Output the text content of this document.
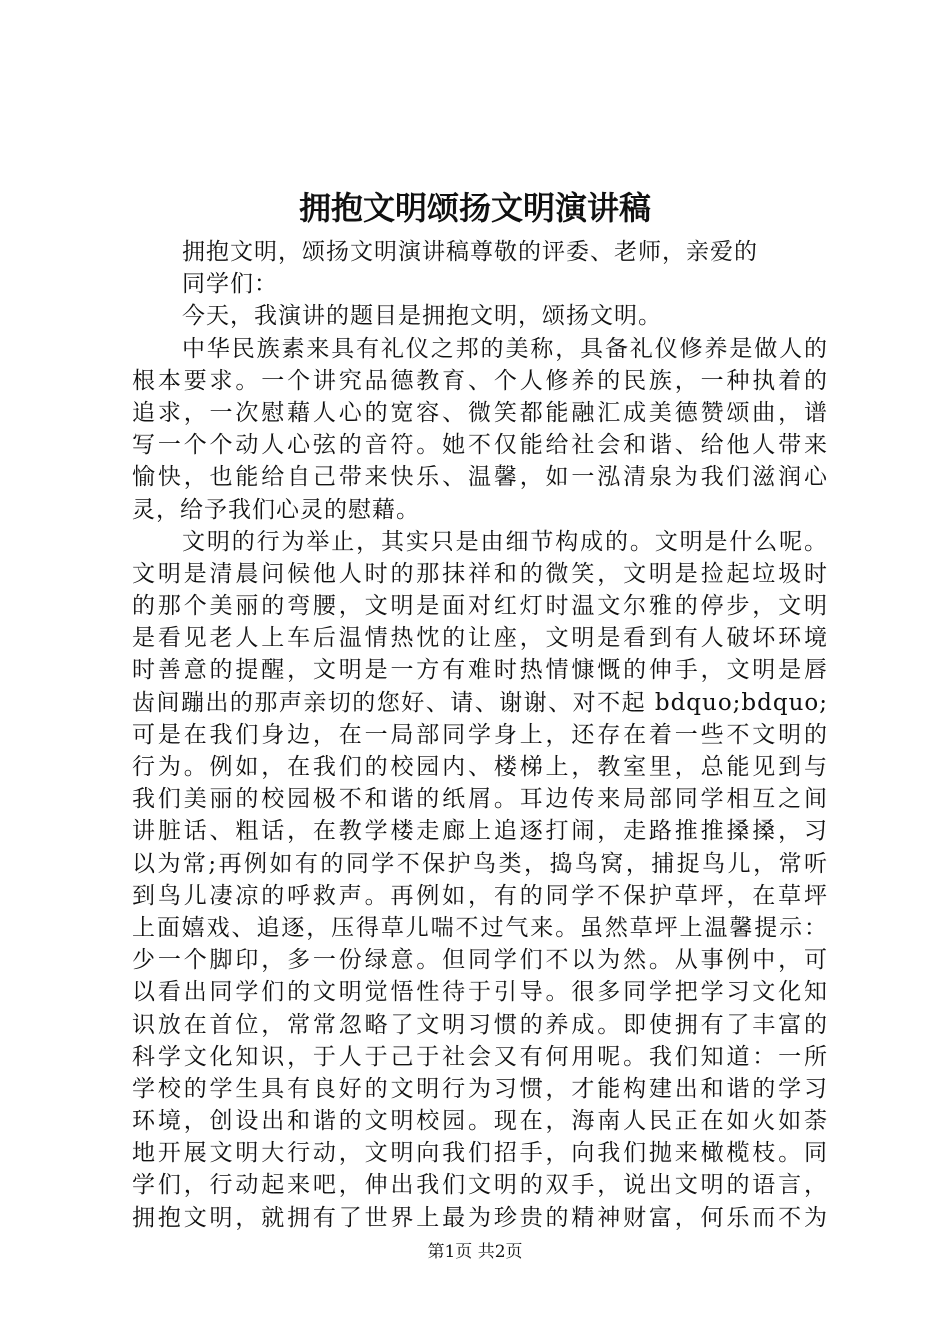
拥抱文明颂扬文明演讲稿
拥抱文明，颂扬文明演讲稿尊敬的评委、老师，亲爱的
同学们：
今天，我演讲的题目是拥抱文明，颂扬文明。
中华民族素来具有礼仪之邦的美称，具备礼仪修养是做人的
根本要求。一个讲究品德教育、个人修养的民族，一种执着的
追求，一次慰藉人心的宽容、微笑都能融汇成美德赞颂曲，谱
写一个个动人心弦的音符。她不仅能给社会和谐、给他人带来
愉快，也能给自己带来快乐、温馨，如一泓清泉为我们滋润心
灵，给予我们心灵的慰藉。
文明的行为举止，其实只是由细节构成的。文明是什么呢。
文明是清晨问候他人时的那抹祥和的微笑，文明是捡起垃圾时
的那个美丽的弯腰，文明是面对红灯时温文尔雅的停步，文明
是看见老人上车后温情热忱的让座，文明是看到有人破坏环境
时善意的提醒，文明是一方有难时热情慷慨的伸手，文明是唇
齿间蹦出的那声亲切的您好、请、谢谢、对不起 bdquo;bdquo;
可是在我们身边，在一局部同学身上，还存在着一些不文明的
行为。例如，在我们的校园内、楼梯上，教室里，总能见到与
我们美丽的校园极不和谐的纸屑。耳边传来局部同学相互之间
讲脏话、粗话，在教学楼走廊上追逐打闹，走路推推搡搡，习
以为常;再例如有的同学不保护鸟类，捣鸟窝，捕捉鸟儿，常听
到鸟儿凄凉的呼救声。再例如，有的同学不保护草坪，在草坪
上面嬉戏、追逐，压得草儿喘不过气来。虽然草坪上温馨提示：
少一个脚印，多一份绿意。但同学们不以为然。从事例中，可
以看出同学们的文明觉悟性待于引导。很多同学把学习文化知
识放在首位，常常忽略了文明习惯的养成。即使拥有了丰富的
科学文化知识，于人于己于社会又有何用呢。我们知道：一所
学校的学生具有良好的文明行为习惯，才能构建出和谐的学习
环境，创设出和谐的文明校园。现在，海南人民正在如火如荼
地开展文明大行动，文明向我们招手，向我们抛来橄榄枝。同
学们，行动起来吧，伸出我们文明的双手，说出文明的语言，
拥抱文明，就拥有了世界上最为珍贵的精神财富，何乐而不为
第1页 共2页
